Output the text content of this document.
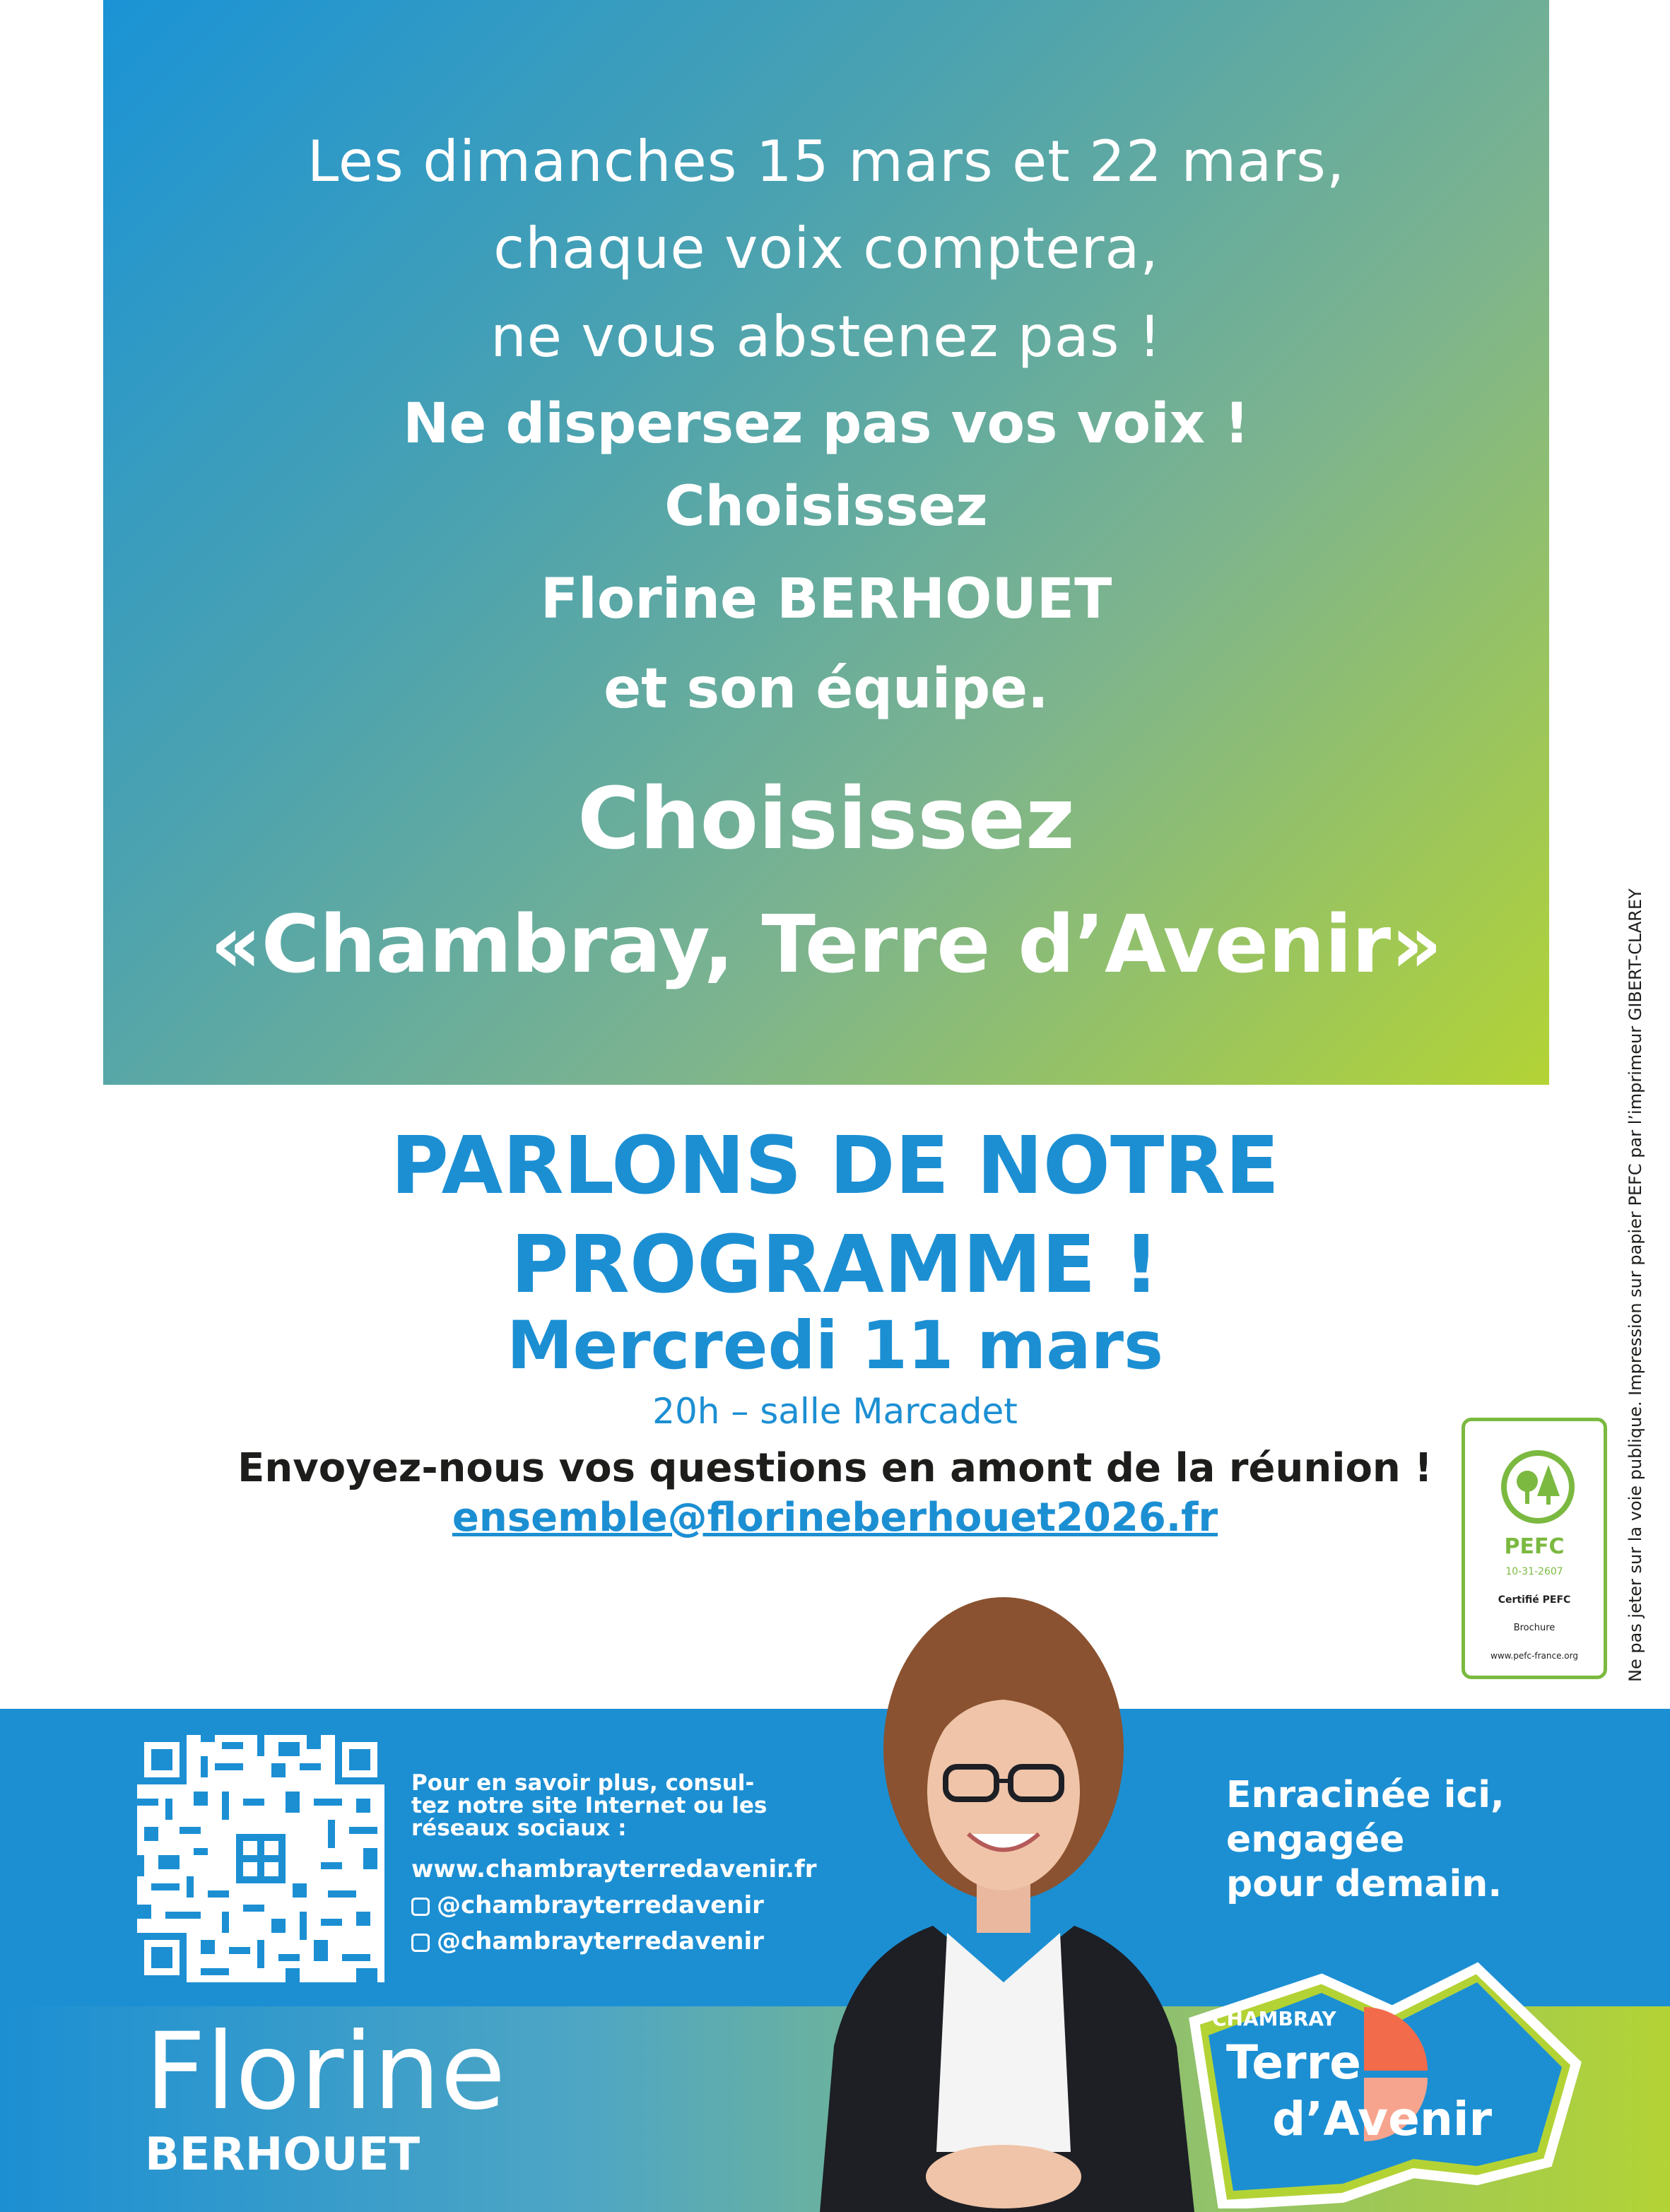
Les dimanches 15 mars et 22 mars,
chaque voix comptera,
ne vous abstenez pas !
Ne dispersez pas vos voix !
Choisissez
Florine BERHOUET
et son équipe.
Choisissez
«Chambray, Terre d’Avenir»
PARLONS DE NOTRE
PROGRAMME !
Mercredi 11 mars
20h – salle Marcadet
Envoyez-nous vos questions en amont de la réunion !
ensemble@florineberhouet2026.fr
PEFC
10-31-2607
Certifié PEFC
Brochure
www.pefc-france.org	Ne pas jeter sur la voie publique. Impression sur papier PEFC par l’imprimeur GIBERT-CLAREY
Pour en savoir plus, consul-
tez notre site Internet ou les
réseaux sociaux :
www.chambrayterredavenir.fr
@chambrayterredavenir
@chambrayterredavenir
Enracinée ici,
engagée
pour demain.
Florine
BERHOUET
CHAMBRAY
Terre
d’Avenir
